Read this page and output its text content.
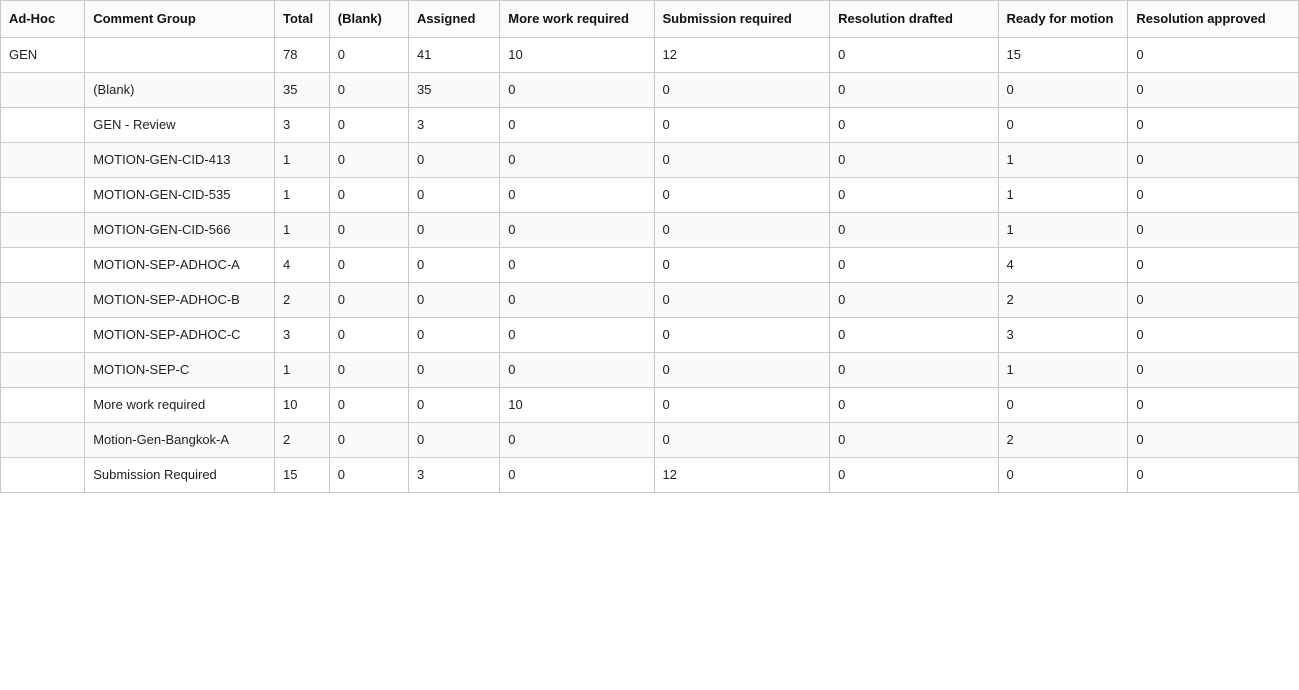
Ad-Hoc	Comment Group	Total	(Blank)	Assigned	More work required	Submission required	Resolution drafted	Ready for motion	Resolution approved
GEN		78	0	41	10	12	0	15	0
	(Blank)	35	0	35	0	0	0	0	0
	GEN - Review	3	0	3	0	0	0	0	0
	MOTION-GEN-CID-413	1	0	0	0	0	0	1	0
	MOTION-GEN-CID-535	1	0	0	0	0	0	1	0
	MOTION-GEN-CID-566	1	0	0	0	0	0	1	0
	MOTION-SEP-ADHOC-A	4	0	0	0	0	0	4	0
	MOTION-SEP-ADHOC-B	2	0	0	0	0	0	2	0
	MOTION-SEP-ADHOC-C	3	0	0	0	0	0	3	0
	MOTION-SEP-C	1	0	0	0	0	0	1	0
	More work required	10	0	0	10	0	0	0	0
	Motion-Gen-Bangkok-A	2	0	0	0	0	0	2	0
	Submission Required	15	0	3	0	12	0	0	0
